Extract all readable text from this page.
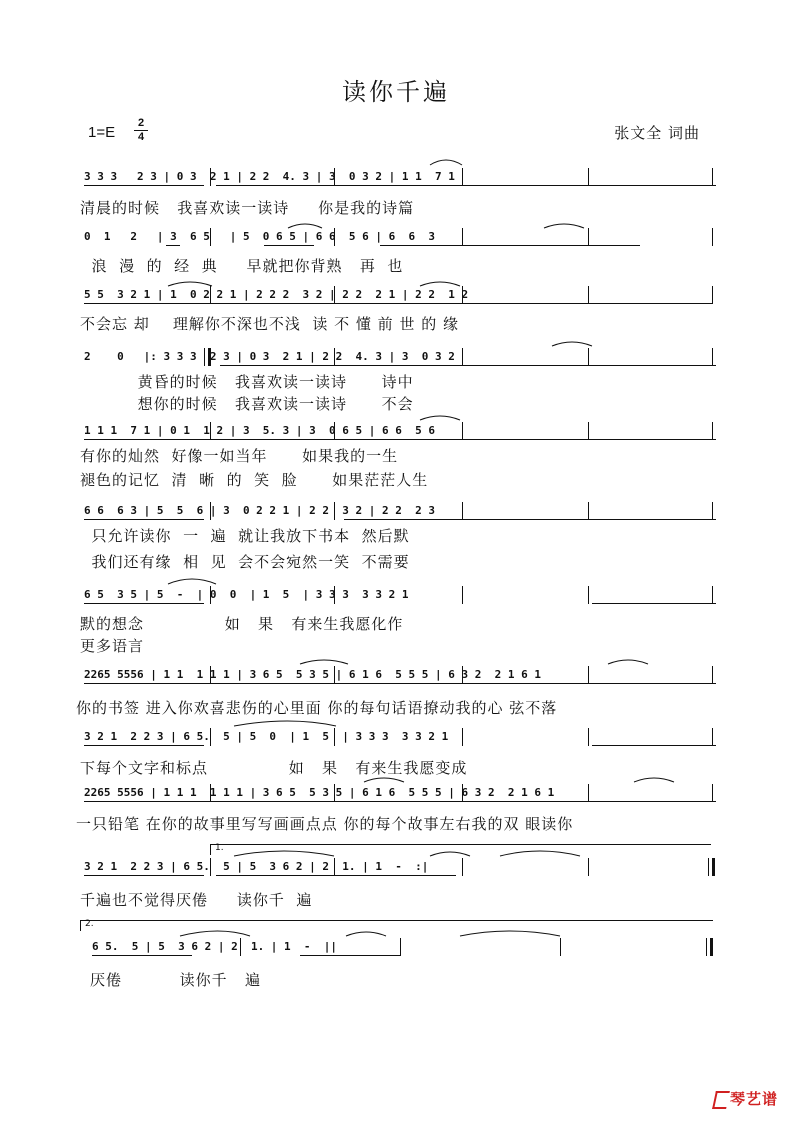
读你千遍
1=E
2
4	张文全 词曲
3 3 3   2 3 | 0 3  2 1 | 2 2  4. 3 | 3  0 3 2 | 1 1  7 1
清晨的时候   我喜欢读一读诗     你是我的诗篇
0  1   2   | 3  6 5   | 5  0 6 5 | 6 6  5 6 | 6  6  3
浪  漫  的  经  典     早就把你背熟   再  也
5 5  3 2 1 | 1  0 2 2 1 | 2 2 2  3 2 | 2 2  2 1 | 2 2  1 2
不会忘 却    理解你不深也不浅  读 不 懂 前 世 的 缘
2    0   |: 3 3 3  2 3 | 0 3  2 1 | 2 2  4. 3 | 3  0 3 2
黄昏的时候   我喜欢读一读诗      诗中
想你的时候   我喜欢读一读诗      不会
1 1 1  7 1 | 0 1  1 2 | 3  5. 3 | 3  0 6 5 | 6 6  5 6
有你的灿然  好像一如当年      如果我的一生
褪色的记忆  清  晰  的  笑  脸      如果茫茫人生
6 6  6 3 | 5  5  6 | 3  0 2 2 1 | 2 2  3 2 | 2 2  2 3
只允许读你  一  遍  就让我放下书本  然后默
我们还有缘  相  见  会不会宛然一笑  不需要
6 5  3 5 | 5  -  | 0  0  | 1  5  | 3 3 3  3 3 2 1
默的想念              如   果   有来生我愿化作
更多语言
2265 5556 | 1 1  1 1 1 | 3 6 5  5 3 5 | 6 1 6  5 5 5 | 6 3 2  2 1 6 1
你的书签 进入你欢喜悲伤的心里面 你的每句话语撩动我的心 弦不落
3 2 1  2 2 3 | 6 5.  5 | 5  0  | 1  5  | 3 3 3  3 3 2 1
下每个文字和标点              如   果   有来生我愿变成
2265 5556 | 1 1 1  1 1 1 | 3 6 5  5 3 5 | 6 1 6  5 5 5 | 6 3 2  2 1 6 1
一只铅笔 在你的故事里写写画画点点 你的每个故事左右我的双 眼读你
1.
3 2 1  2 2 3 | 6 5.  5 | 5  3 6 2 | 2  1. | 1  -  :|
千遍也不觉得厌倦     读你千  遍
2.
6 5.  5 | 5  3 6 2 | 2  1. | 1  -  ||
厌倦          读你千   遍
琴艺谱
